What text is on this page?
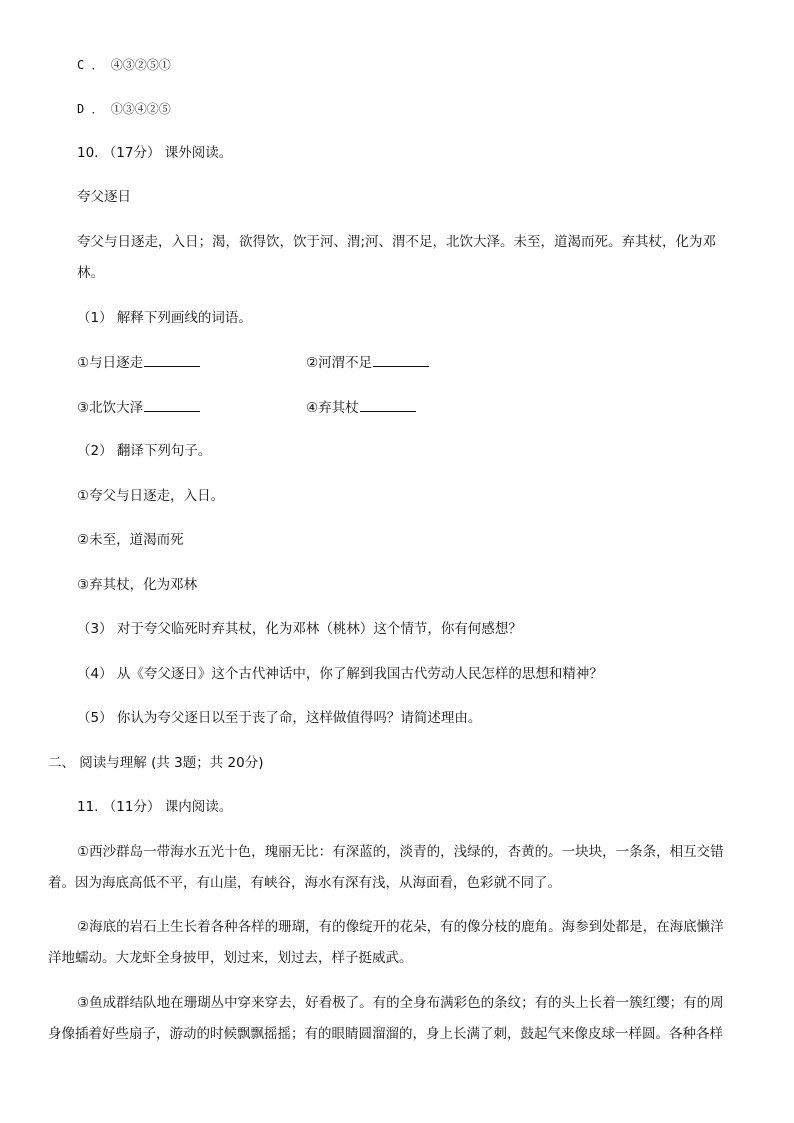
C ． ④③②⑤①
D ． ①③④②⑤
10. （17分） 课外阅读。
夸父逐日
夸父与日逐走，入日；渴，欲得饮，饮于河、渭;河、渭不足，北饮大泽。未至，道渴而死。弃其杖，化为邓
林。
（1） 解释下列画线的词语。
①与日逐走	②河渭不足
③北饮大泽	④弃其杖
（2） 翻译下列句子。
①夸父与日逐走，入日。
②未至，道渴而死
③弃其杖，化为邓林
（3） 对于夸父临死时弃其杖，化为邓林（桃林）这个情节，你有何感想？
（4） 从《夸父逐日》这个古代神话中，你了解到我国古代劳动人民怎样的思想和精神？
（5） 你认为夸父逐日以至于丧了命，这样做值得吗？请简述理由。
二、 阅读与理解 (共 3题；共 20分)
11. （11分） 课内阅读。
①西沙群岛一带海水五光十色，瑰丽无比：有深蓝的，淡青的，浅绿的，杏黄的。一块块，一条条，相互交错
着。因为海底高低不平，有山崖，有峡谷，海水有深有浅，从海面看，色彩就不同了。
②海底的岩石上生长着各种各样的珊瑚，有的像绽开的花朵，有的像分枝的鹿角。海参到处都是，在海底懒洋
洋地蠕动。大龙虾全身披甲，划过来，划过去，样子挺威武。
③鱼成群结队地在珊瑚丛中穿来穿去，好看极了。有的全身布满彩色的条纹；有的头上长着一簇红缨；有的周
身像插着好些扇子，游动的时候飘飘摇摇；有的眼睛圆溜溜的，身上长满了刺，鼓起气来像皮球一样圆。各种各样
